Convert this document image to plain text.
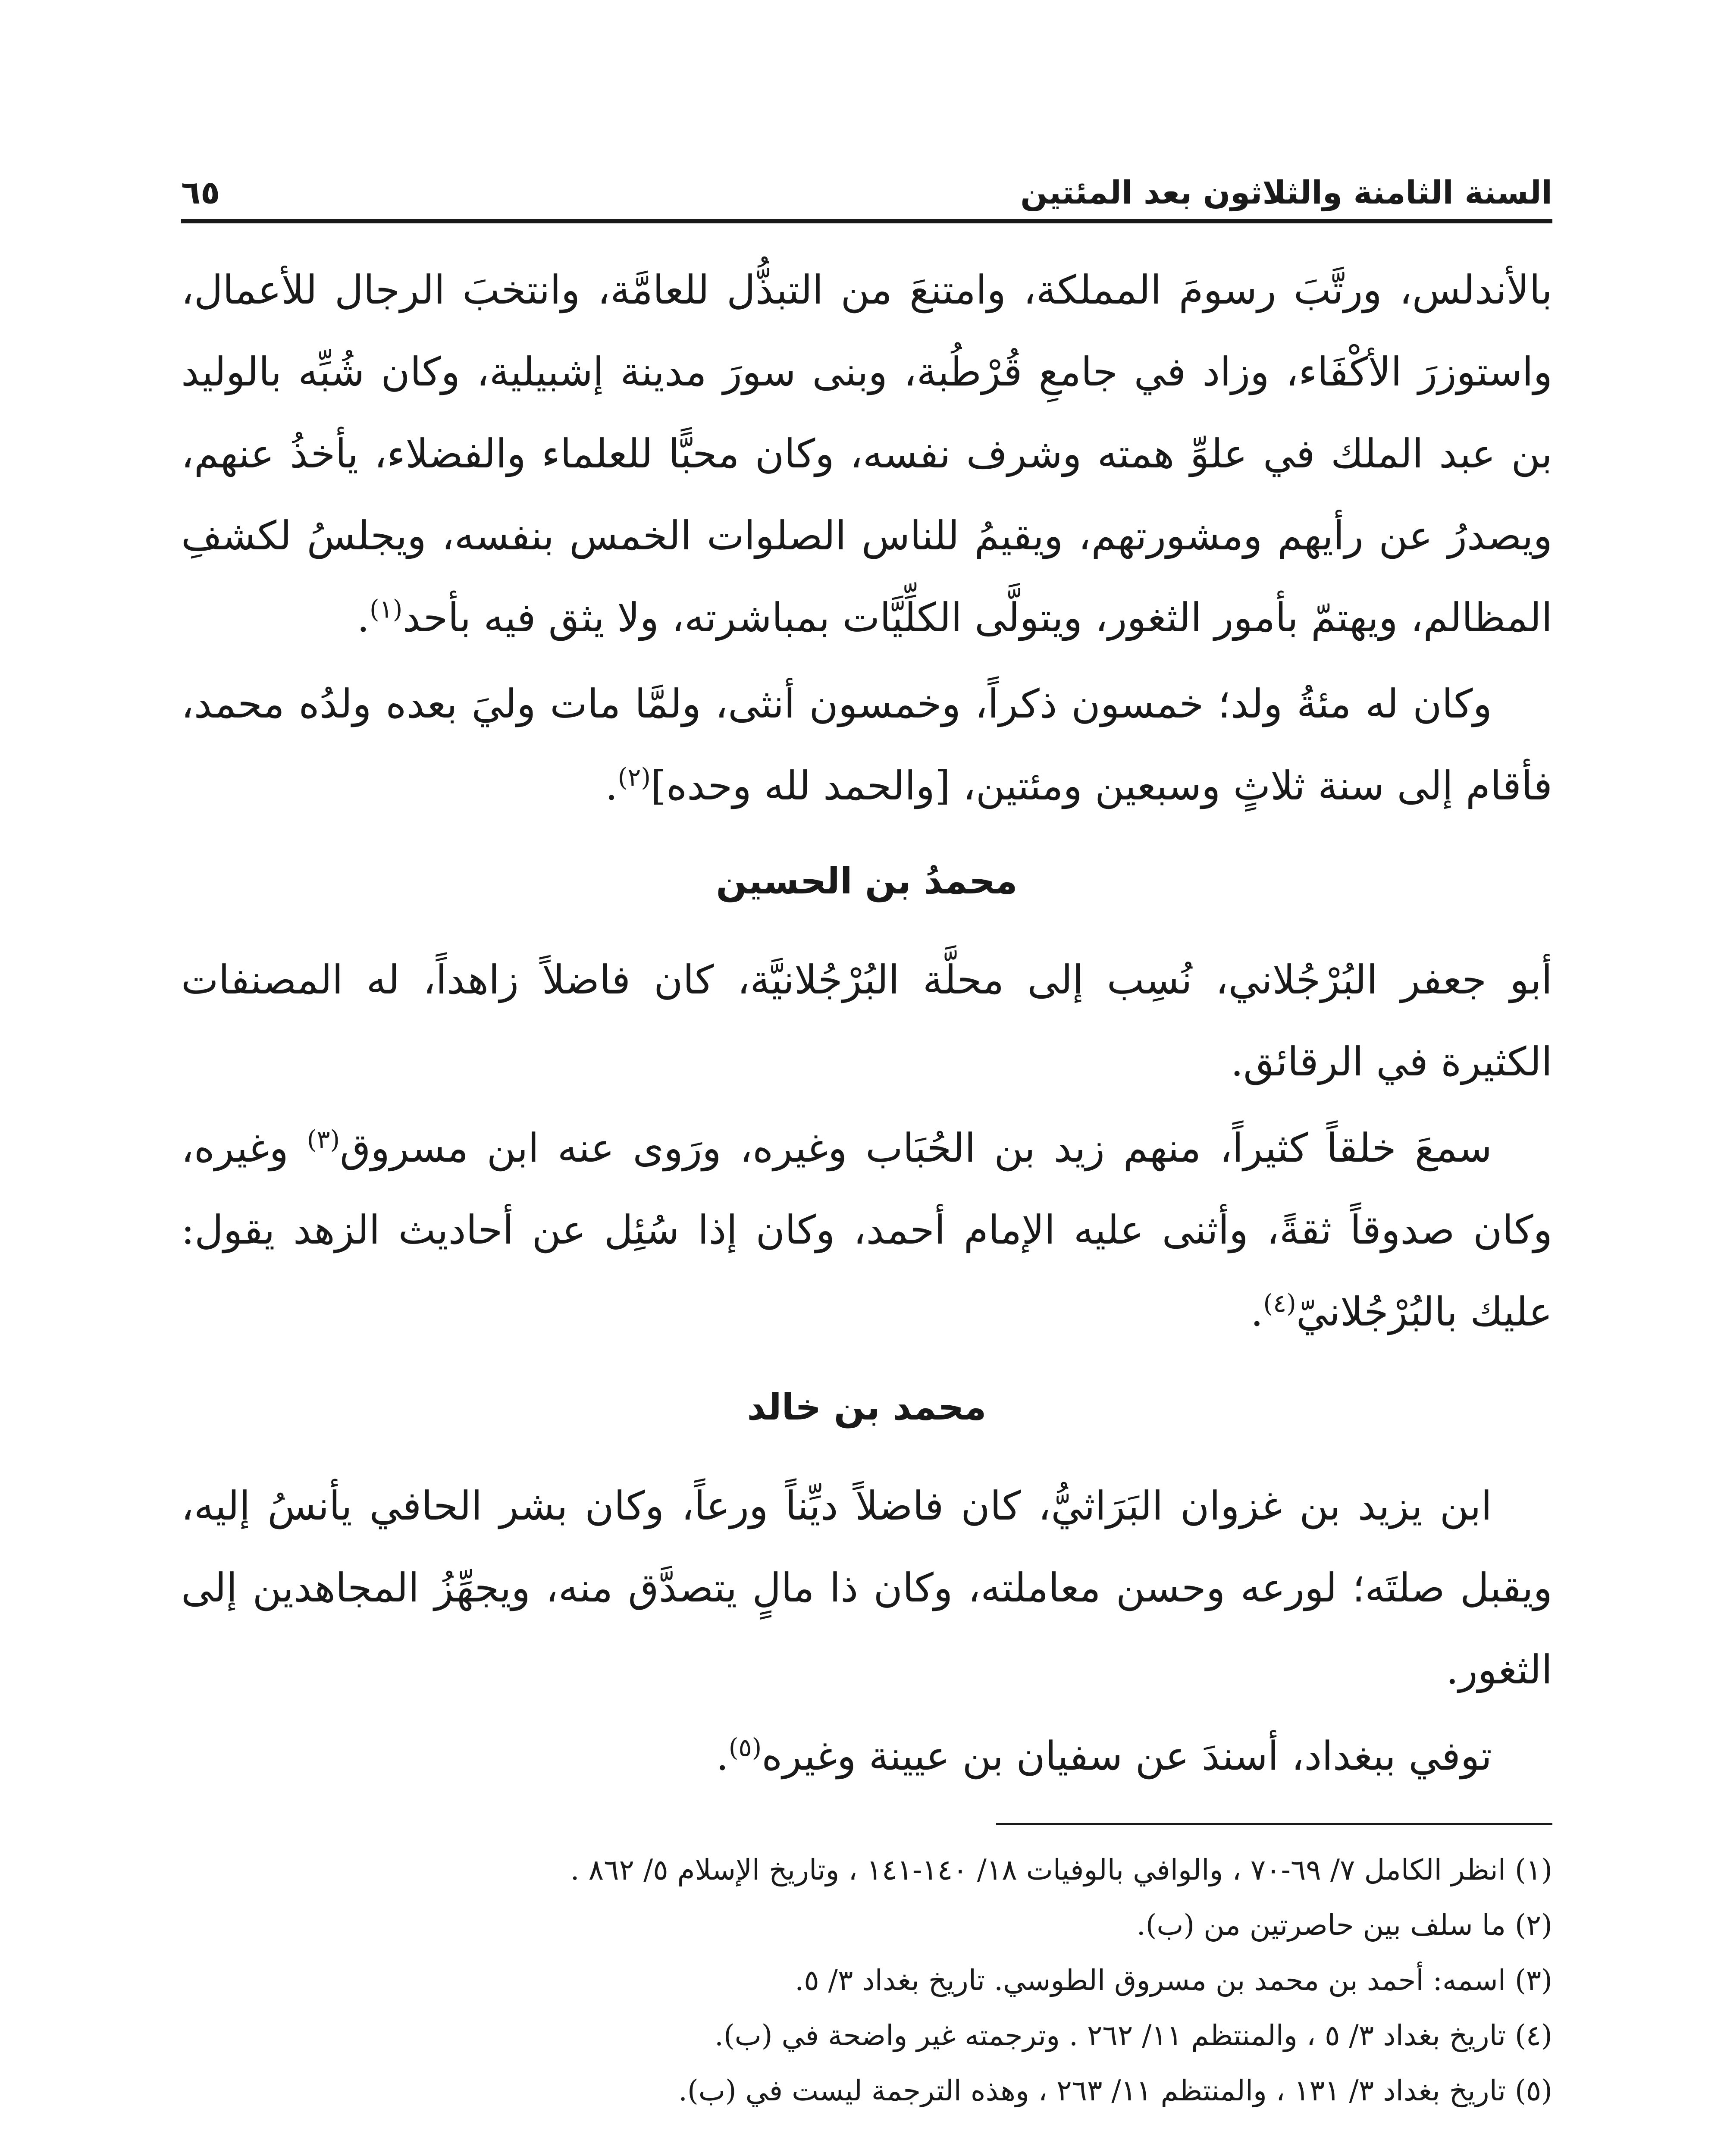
السنة الثامنة والثلاثون بعد المئتين
٦٥

بالأندلس، ورتَّبَ رسومَ المملكة، وامتنعَ من التبذُّل للعامَّة، وانتخبَ الرجال للأعمال، واستوزرَ الأكْفَاء، وزاد في جامعِ قُرْطُبة، وبنى سورَ مدينة إشبيلية، وكان شُبِّه بالوليد بن عبد الملك في علوِّ همته وشرف نفسه، وكان محبًّا للعلماء والفضلاء، يأخذُ عنهم، ويصدرُ عن رأيهم ومشورتهم، ويقيمُ للناس الصلوات الخمس بنفسه، ويجلسُ لكشفِ المظالم، ويهتمّ بأمور الثغور، ويتولَّى الكلِّيَّات بمباشرته، ولا يثق فيه بأحد$^{(١)}$.

وكان له مئةُ ولد؛ خمسون ذكراً، وخمسون أنثى، ولمَّا مات وليَ بعده ولدُه محمد، فأقام إلى سنة ثلاثٍ وسبعين ومئتين، [والحمد لله وحده]$^{(٢)}$.

محمدُ بن الحسين

أبو جعفر البُرْجُلاني، نُسِب إلى محلَّة البُرْجُلانيَّة، كان فاضلاً زاهداً، له المصنفات الكثيرة في الرقائق.

سمعَ خلقاً كثيراً، منهم زيد بن الحُبَاب وغيره، ورَوى عنه ابن مسروق$^{(٣)}$ وغيره، وكان صدوقاً ثقةً، وأثنى عليه الإمام أحمد، وكان إذا سُئِل عن أحاديث الزهد يقول: عليك بالبُرْجُلانيّ$^{(٤)}$.

محمد بن خالد

ابن يزيد بن غزوان البَرَاثيُّ، كان فاضلاً ديِّناً ورعاً، وكان بشر الحافي يأنسُ إليه، ويقبل صلتَه؛ لورعه وحسن معاملته، وكان ذا مالٍ يتصدَّق منه، ويجهِّزُ المجاهدين إلى الثغور.

توفي ببغداد، أسندَ عن سفيان بن عيينة وغيره$^{(٥)}$.

(١) انظر الكامل ٧/ ٦٩-٧٠ ، والوافي بالوفيات ١٨/ ١٤٠-١٤١ ، وتاريخ الإسلام ٥/ ٨٦٢ .

(٢) ما سلف بين حاصرتين من (ب).

(٣) اسمه: أحمد بن محمد بن مسروق الطوسي. تاريخ بغداد ٣/ ٥.

(٤) تاريخ بغداد ٣/ ٥ ، والمنتظم ١١/ ٢٦٢ . وترجمته غير واضحة في (ب).

(٥) تاريخ بغداد ٣/ ١٣١ ، والمنتظم ١١/ ٢٦٣ ، وهذه الترجمة ليست في (ب).
